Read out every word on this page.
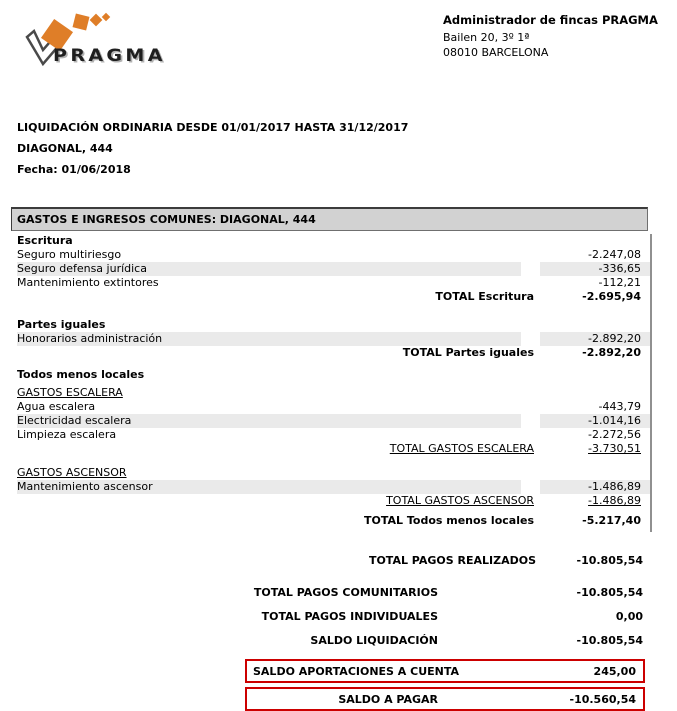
PRAGMA
Administrador de fincas PRAGMA
Bailen 20, 3º 1ª
08010 BARCELONA
LIQUIDACIÓN ORDINARIA DESDE 01/01/2017 HASTA 31/12/2017
DIAGONAL, 444
Fecha: 01/06/2018
GASTOS E INGRESOS COMUNES: DIAGONAL, 444
Escritura
Seguro multiriesgo	-2.247,08
Seguro defensa jurídica	-336,65
Mantenimiento extintores	-112,21
TOTAL Escritura	-2.695,94
Partes iguales
Honorarios administración	-2.892,20
TOTAL Partes iguales	-2.892,20
Todos menos locales
GASTOS ESCALERA
Agua escalera	-443,79
Electricidad escalera	-1.014,16
Limpieza escalera	-2.272,56
TOTAL GASTOS ESCALERA	-3.730,51
GASTOS ASCENSOR
Mantenimiento ascensor	-1.486,89
TOTAL GASTOS ASCENSOR	-1.486,89
TOTAL Todos menos locales	-5.217,40
TOTAL PAGOS REALIZADOS	-10.805,54
TOTAL PAGOS COMUNITARIOS	-10.805,54
TOTAL PAGOS INDIVIDUALES	0,00
SALDO LIQUIDACIÓN	-10.805,54
SALDO APORTACIONES A CUENTA	245,00
SALDO A PAGAR	-10.560,54
